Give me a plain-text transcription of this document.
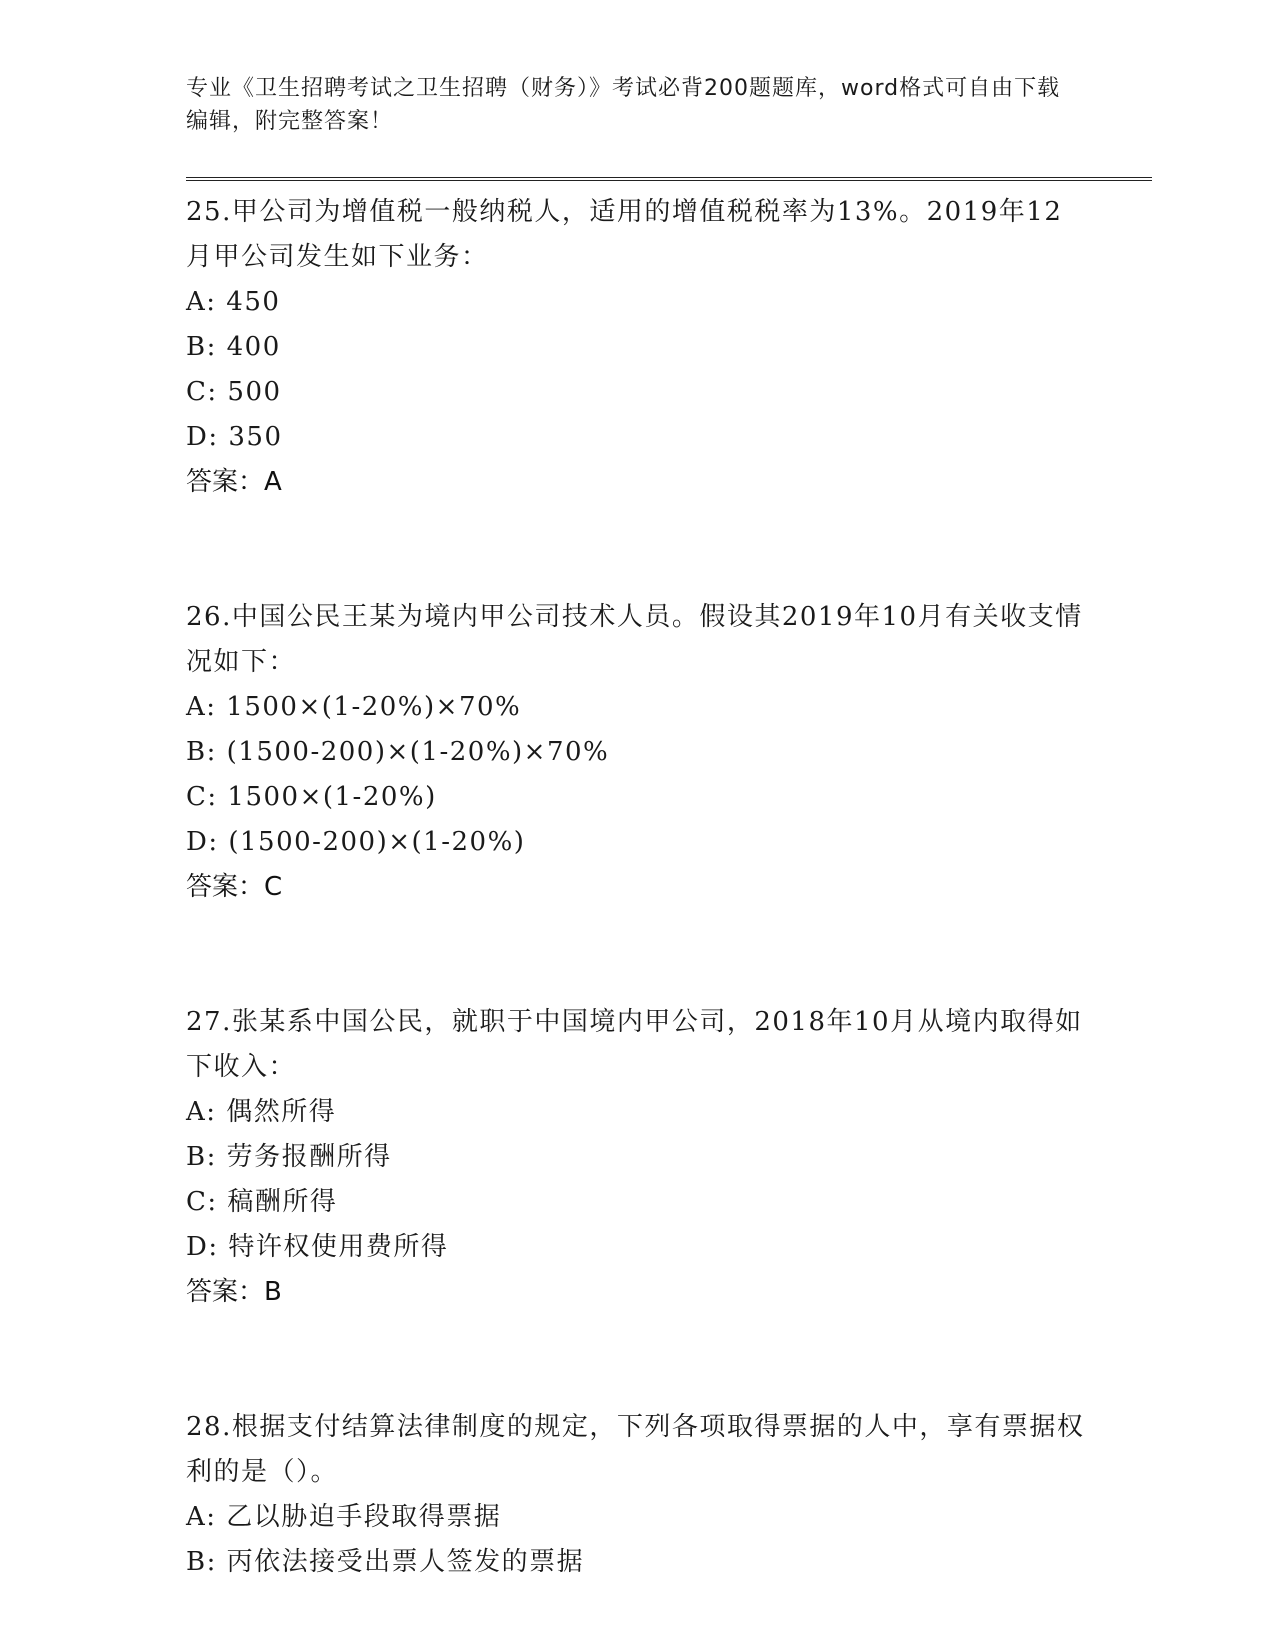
专业《卫生招聘考试之卫生招聘（财务）》考试必背200题题库，word格式可自由下载编辑，附完整答案！

25.甲公司为增值税一般纳税人，适用的增值税税率为13%。2019年12月甲公司发生如下业务：

A: 450
B: 400
C: 500
D: 350

答案：A

26.中国公民王某为境内甲公司技术人员。假设其2019年10月有关收支情况如下：

A: 1500×(1-20%)×70%
B: (1500-200)×(1-20%)×70%
C: 1500×(1-20%)
D: (1500-200)×(1-20%)

答案：C

27.张某系中国公民，就职于中国境内甲公司，2018年10月从境内取得如下收入：

A: 偶然所得
B: 劳务报酬所得
C: 稿酬所得
D: 特许权使用费所得

答案：B

28.根据支付结算法律制度的规定，下列各项取得票据的人中，享有票据权利的是（）。

A: 乙以胁迫手段取得票据
B: 丙依法接受出票人签发的票据
